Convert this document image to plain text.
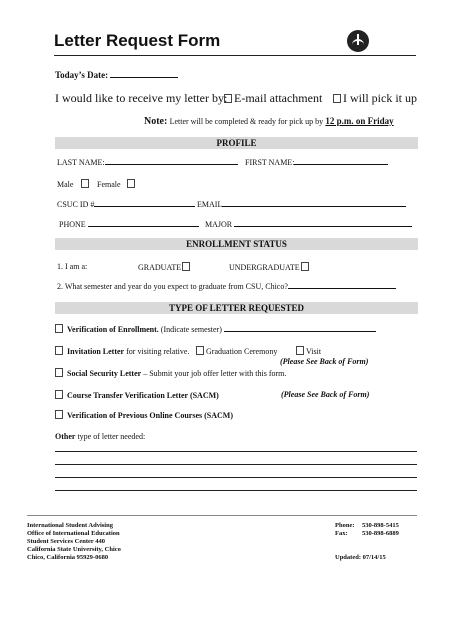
Letter Request Form
Today’s Date:
I would like to receive my letter by: E-mail attachment	I will pick it up
Note: Letter will be completed & ready for pick up by 12 p.m. on Friday
PROFILE
LAST NAME:	FIRST NAME:
Male	Female
CSUC ID #	EMAIL
PHONE	MAJOR
ENROLLMENT STATUS
1. I am a:	GRADUATE	UNDERGRADUATE
2. What semester and year do you expect to graduate from CSU, Chico?
TYPE OF LETTER REQUESTED
Verification of Enrollment. (Indicate semester)
Invitation Letter for visiting relative.	Graduation Ceremony	Visit
(Please See Back of Form)
Social Security Letter – Submit your job offer letter with this form.
Course Transfer Verification Letter (SACM)	(Please See Back of Form)
Verification of Previous Online Courses (SACM)
Other type of letter needed:
International Student Advising
Office of International Education
Student Services Center 440
California State University, Chico
Chico, California 95929-0680
Phone: 530-898-5415
Fax: 530-898-6889
Updated: 07/14/15
